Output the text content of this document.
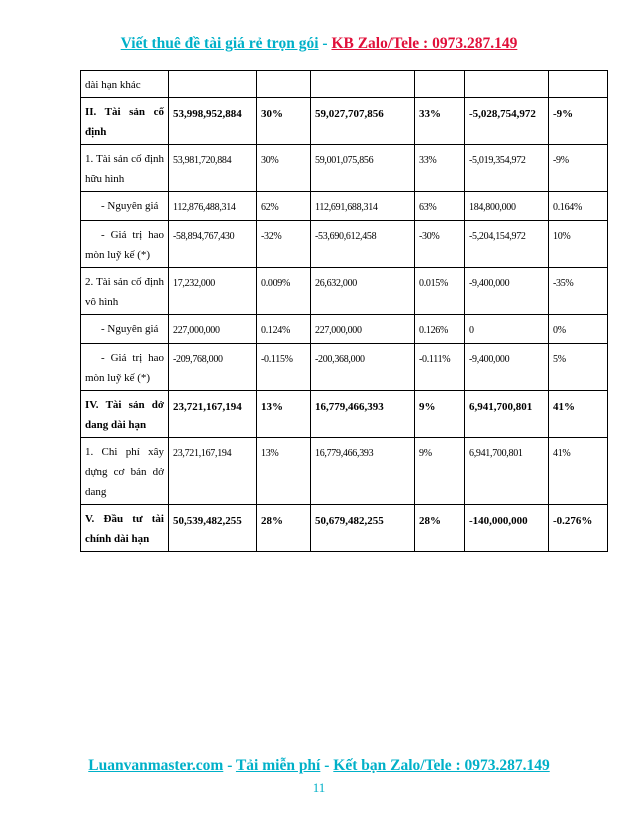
Viết thuê đề tài giá rẻ trọn gói - KB Zalo/Tele : 0973.287.149
dài hạn khác						
II. Tài sản cố định	53,998,952,884	30%	59,027,707,856	33%	-5,028,754,972	-9%
1. Tài sản cố định hữu hình	53,981,720,884	30%	59,001,075,856	33%	-5,019,354,972	-9%
- Nguyên giá	112,876,488,314	62%	112,691,688,314	63%	184,800,000	0.164%
- Giá trị hao mòn luỹ kế (*)	-58,894,767,430	-32%	-53,690,612,458	-30%	-5,204,154,972	10%
2. Tài sản cố định vô hình	17,232,000	0.009%	26,632,000	0.015%	-9,400,000	-35%
- Nguyên giá	227,000,000	0.124%	227,000,000	0.126%	0	0%
- Giá trị hao mòn luỹ kế (*)	-209,768,000	-0.115%	-200,368,000	-0.111%	-9,400,000	5%
IV. Tài sản dở dang dài hạn	23,721,167,194	13%	16,779,466,393	9%	6,941,700,801	41%
1. Chi phí xây dựng cơ bản dở dang	23,721,167,194	13%	16,779,466,393	9%	6,941,700,801	41%
V. Đầu tư tài chính dài hạn	50,539,482,255	28%	50,679,482,255	28%	-140,000,000	-0.276%
Luanvanmaster.com - Tải miễn phí - Kết bạn Zalo/Tele : 0973.287.149
11
